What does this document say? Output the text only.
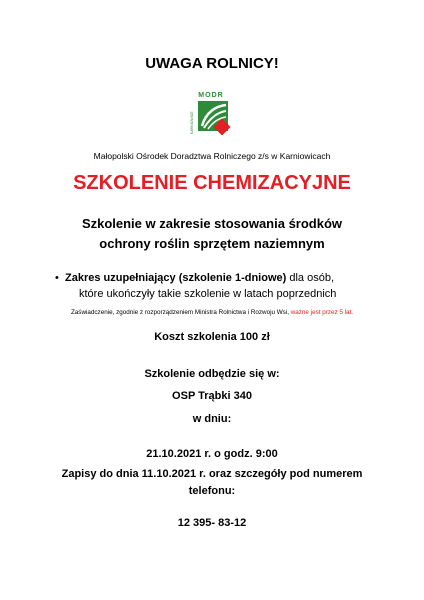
UWAGA ROLNICY!
MODR
KARNIOWICE
Małopolski Ośrodek Doradztwa Rolniczego z/s w Karniowicach
SZKOLENIE CHEMIZACYJNE
Szkolenie w zakresie stosowania środków
ochrony roślin sprzętem naziemnym
• Zakres uzupełniający (szkolenie 1-dniowe) dla osób,
które ukończyły takie szkolenie w latach poprzednich
Zaświadczenie, zgodnie z rozporządzeniem Ministra Rolnictwa i Rozwoju Wsi, ważne jest przez 5 lat.
Koszt szkolenia 100 zł
Szkolenie odbędzie się w:
OSP Trąbki 340
w dniu:
21.10.2021 r. o godz. 9:00
Zapisy do dnia 11.10.2021 r. oraz szczegóły pod numerem
telefonu:
12 395- 83-12
